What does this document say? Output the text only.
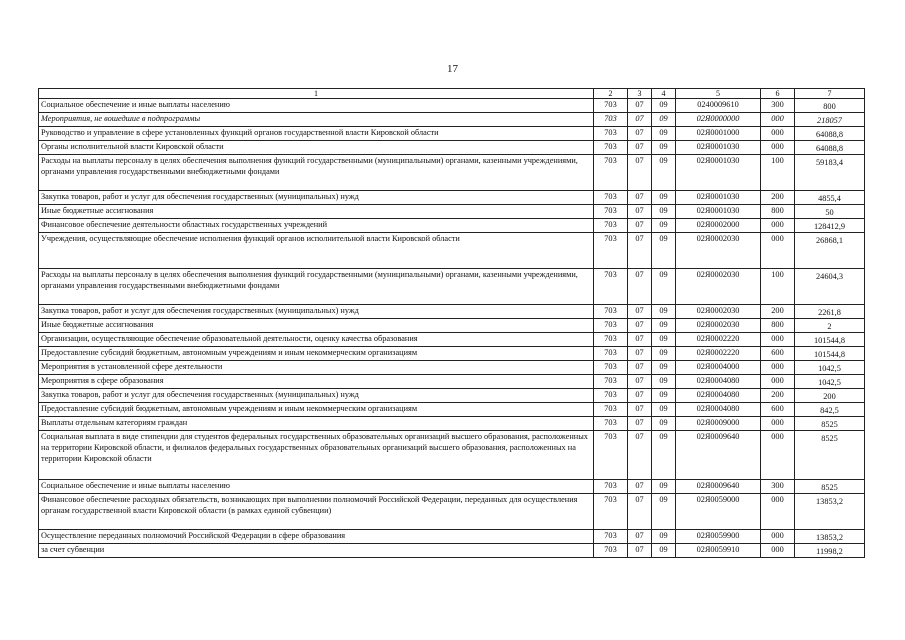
17
1	2	3	4	5	6	7
Социальное обеспечение и иные выплаты населению	703	07	09	0240009610	300	800
Мероприятия, не вошедшие в подпрограммы	703	07	09	02Я0000000	000	218057
Руководство и управление в сфере установленных функций органов государственной власти Кировской области	703	07	09	02Я0001000	000	64088,8
Органы исполнительной власти Кировской области	703	07	09	02Я0001030	000	64088,8
Расходы на выплаты персоналу в целях обеспечения выполнения функций государственными (муниципальными) органами, казенными учреждениями, органами управления государственными внебюджетными фондами	703	07	09	02Я0001030	100	59183,4
Закупка товаров, работ и услуг для обеспечения государственных (муниципальных) нужд	703	07	09	02Я0001030	200	4855,4
Иные бюджетные ассигнования	703	07	09	02Я0001030	800	50
Финансовое обеспечение деятельности областных государственных учреждений	703	07	09	02Я0002000	000	128412,9
Учреждения, осуществляющие обеспечение исполнения функций органов исполнительной власти Кировской области	703	07	09	02Я0002030	000	26868,1
Расходы на выплаты персоналу в целях обеспечения выполнения функций государственными (муниципальными) органами, казенными учреждениями, органами управления государственными внебюджетными фондами	703	07	09	02Я0002030	100	24604,3
Закупка товаров, работ и услуг для обеспечения государственных (муниципальных) нужд	703	07	09	02Я0002030	200	2261,8
Иные бюджетные ассигнования	703	07	09	02Я0002030	800	2
Организации, осуществляющие обеспечение образовательной деятельности, оценку качества образования	703	07	09	02Я0002220	000	101544,8
Предоставление субсидий бюджетным, автономным учреждениям и иным некоммерческим организациям	703	07	09	02Я0002220	600	101544,8
Мероприятия в установленной сфере деятельности	703	07	09	02Я0004000	000	1042,5
Мероприятия в сфере образования	703	07	09	02Я0004080	000	1042,5
Закупка товаров, работ и услуг для обеспечения государственных (муниципальных) нужд	703	07	09	02Я0004080	200	200
Предоставление субсидий бюджетным, автономным учреждениям и иным некоммерческим организациям	703	07	09	02Я0004080	600	842,5
Выплаты отдельным категориям граждан	703	07	09	02Я0009000	000	8525
Социальная выплата в виде стипендии для студентов федеральных государственных образовательных организаций высшего образования, расположенных на территории Кировской области, и филиалов федеральных государственных образовательных организаций высшего образования, расположенных на территории Кировской области	703	07	09	02Я0009640	000	8525
Социальное обеспечение и иные выплаты населению	703	07	09	02Я0009640	300	8525
Финансовое обеспечение расходных обязательств, возникающих при выполнении полномочий Российской Федерации, переданных для осуществления органам государственной власти Кировской области (в рамках единой субвенции)	703	07	09	02Я0059000	000	13853,2
Осуществление переданных полномочий Российской Федерации в сфере образования	703	07	09	02Я0059900	000	13853,2
за счет субвенции	703	07	09	02Я0059910	000	11998,2
